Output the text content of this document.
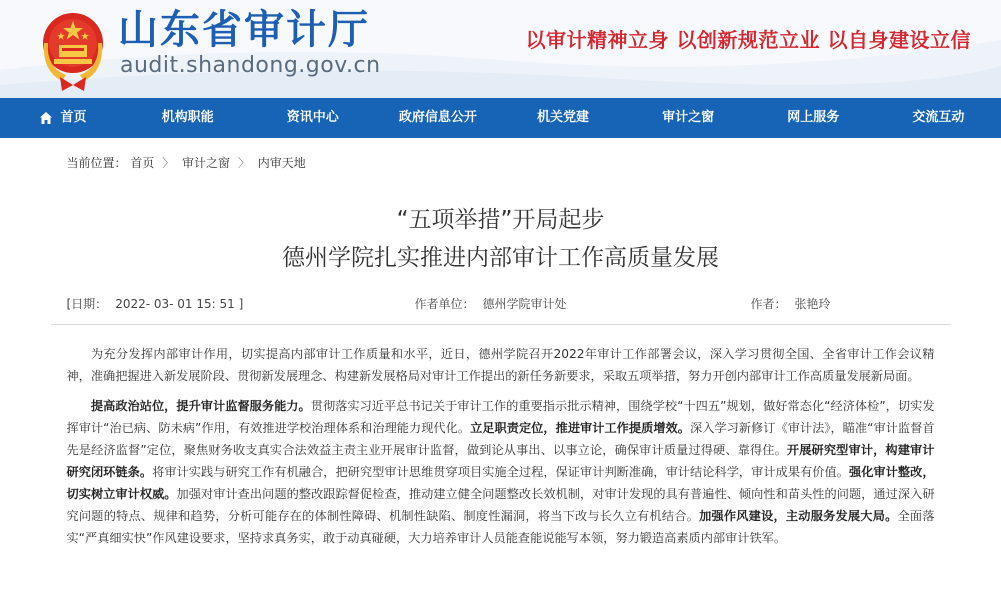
山东省审计厅
audit.shandong.gov.cn
以审计精神立身 以创新规范立业 以自身建设立信
首页	机构职能	资讯中心	政府信息公开	机关党建	审计之窗	网上服务	交流互动
当前位置： 首页 〉 审计之窗 〉 内审天地
“五项举措”开局起步
德州学院扎实推进内部审计工作高质量发展
[日期： 2022- 03- 01 15: 51 ]	作者单位： 德州学院审计处	作者： 张艳玲

为充分发挥内部审计作用，切实提高内部审计工作质量和水平，近日，德州学院召开2022年审计工作部署会议，深入学习贯彻全国、全省审计工作会议精神，准确把握进入新发展阶段、贯彻新发展理念、构建新发展格局对审计工作提出的新任务新要求，采取五项举措，努力开创内部审计工作高质量发展新局面。

提高政治站位，提升审计监督服务能力。贯彻落实习近平总书记关于审计工作的重要指示批示精神，围绕学校“十四五”规划，做好常态化“经济体检”，切实发挥审计“治已病、防未病”作用，有效推进学校治理体系和治理能力现代化。立足职责定位，推进审计工作提质增效。深入学习新修订《审计法》，瞄准“审计监督首先是经济监督”定位，聚焦财务收支真实合法效益主责主业开展审计监督，做到论从事出、以事立论，确保审计质量过得硬、靠得住。开展研究型审计，构建审计研究闭环链条。将审计实践与研究工作有机融合，把研究型审计思维贯穿项目实施全过程，保证审计判断准确，审计结论科学，审计成果有价值。强化审计整改，切实树立审计权威。加强对审计查出问题的整改跟踪督促检查，推动建立健全问题整改长效机制，对审计发现的具有普遍性、倾向性和苗头性的问题，通过深入研究问题的特点、规律和趋势，分析可能存在的体制性障碍、机制性缺陷、制度性漏洞，将当下改与长久立有机结合。加强作风建设，主动服务发展大局。全面落实“严真细实快”作风建设要求，坚持求真务实，敢于动真碰硬，大力培养审计人员能查能说能写本领，努力锻造高素质内部审计铁军。
